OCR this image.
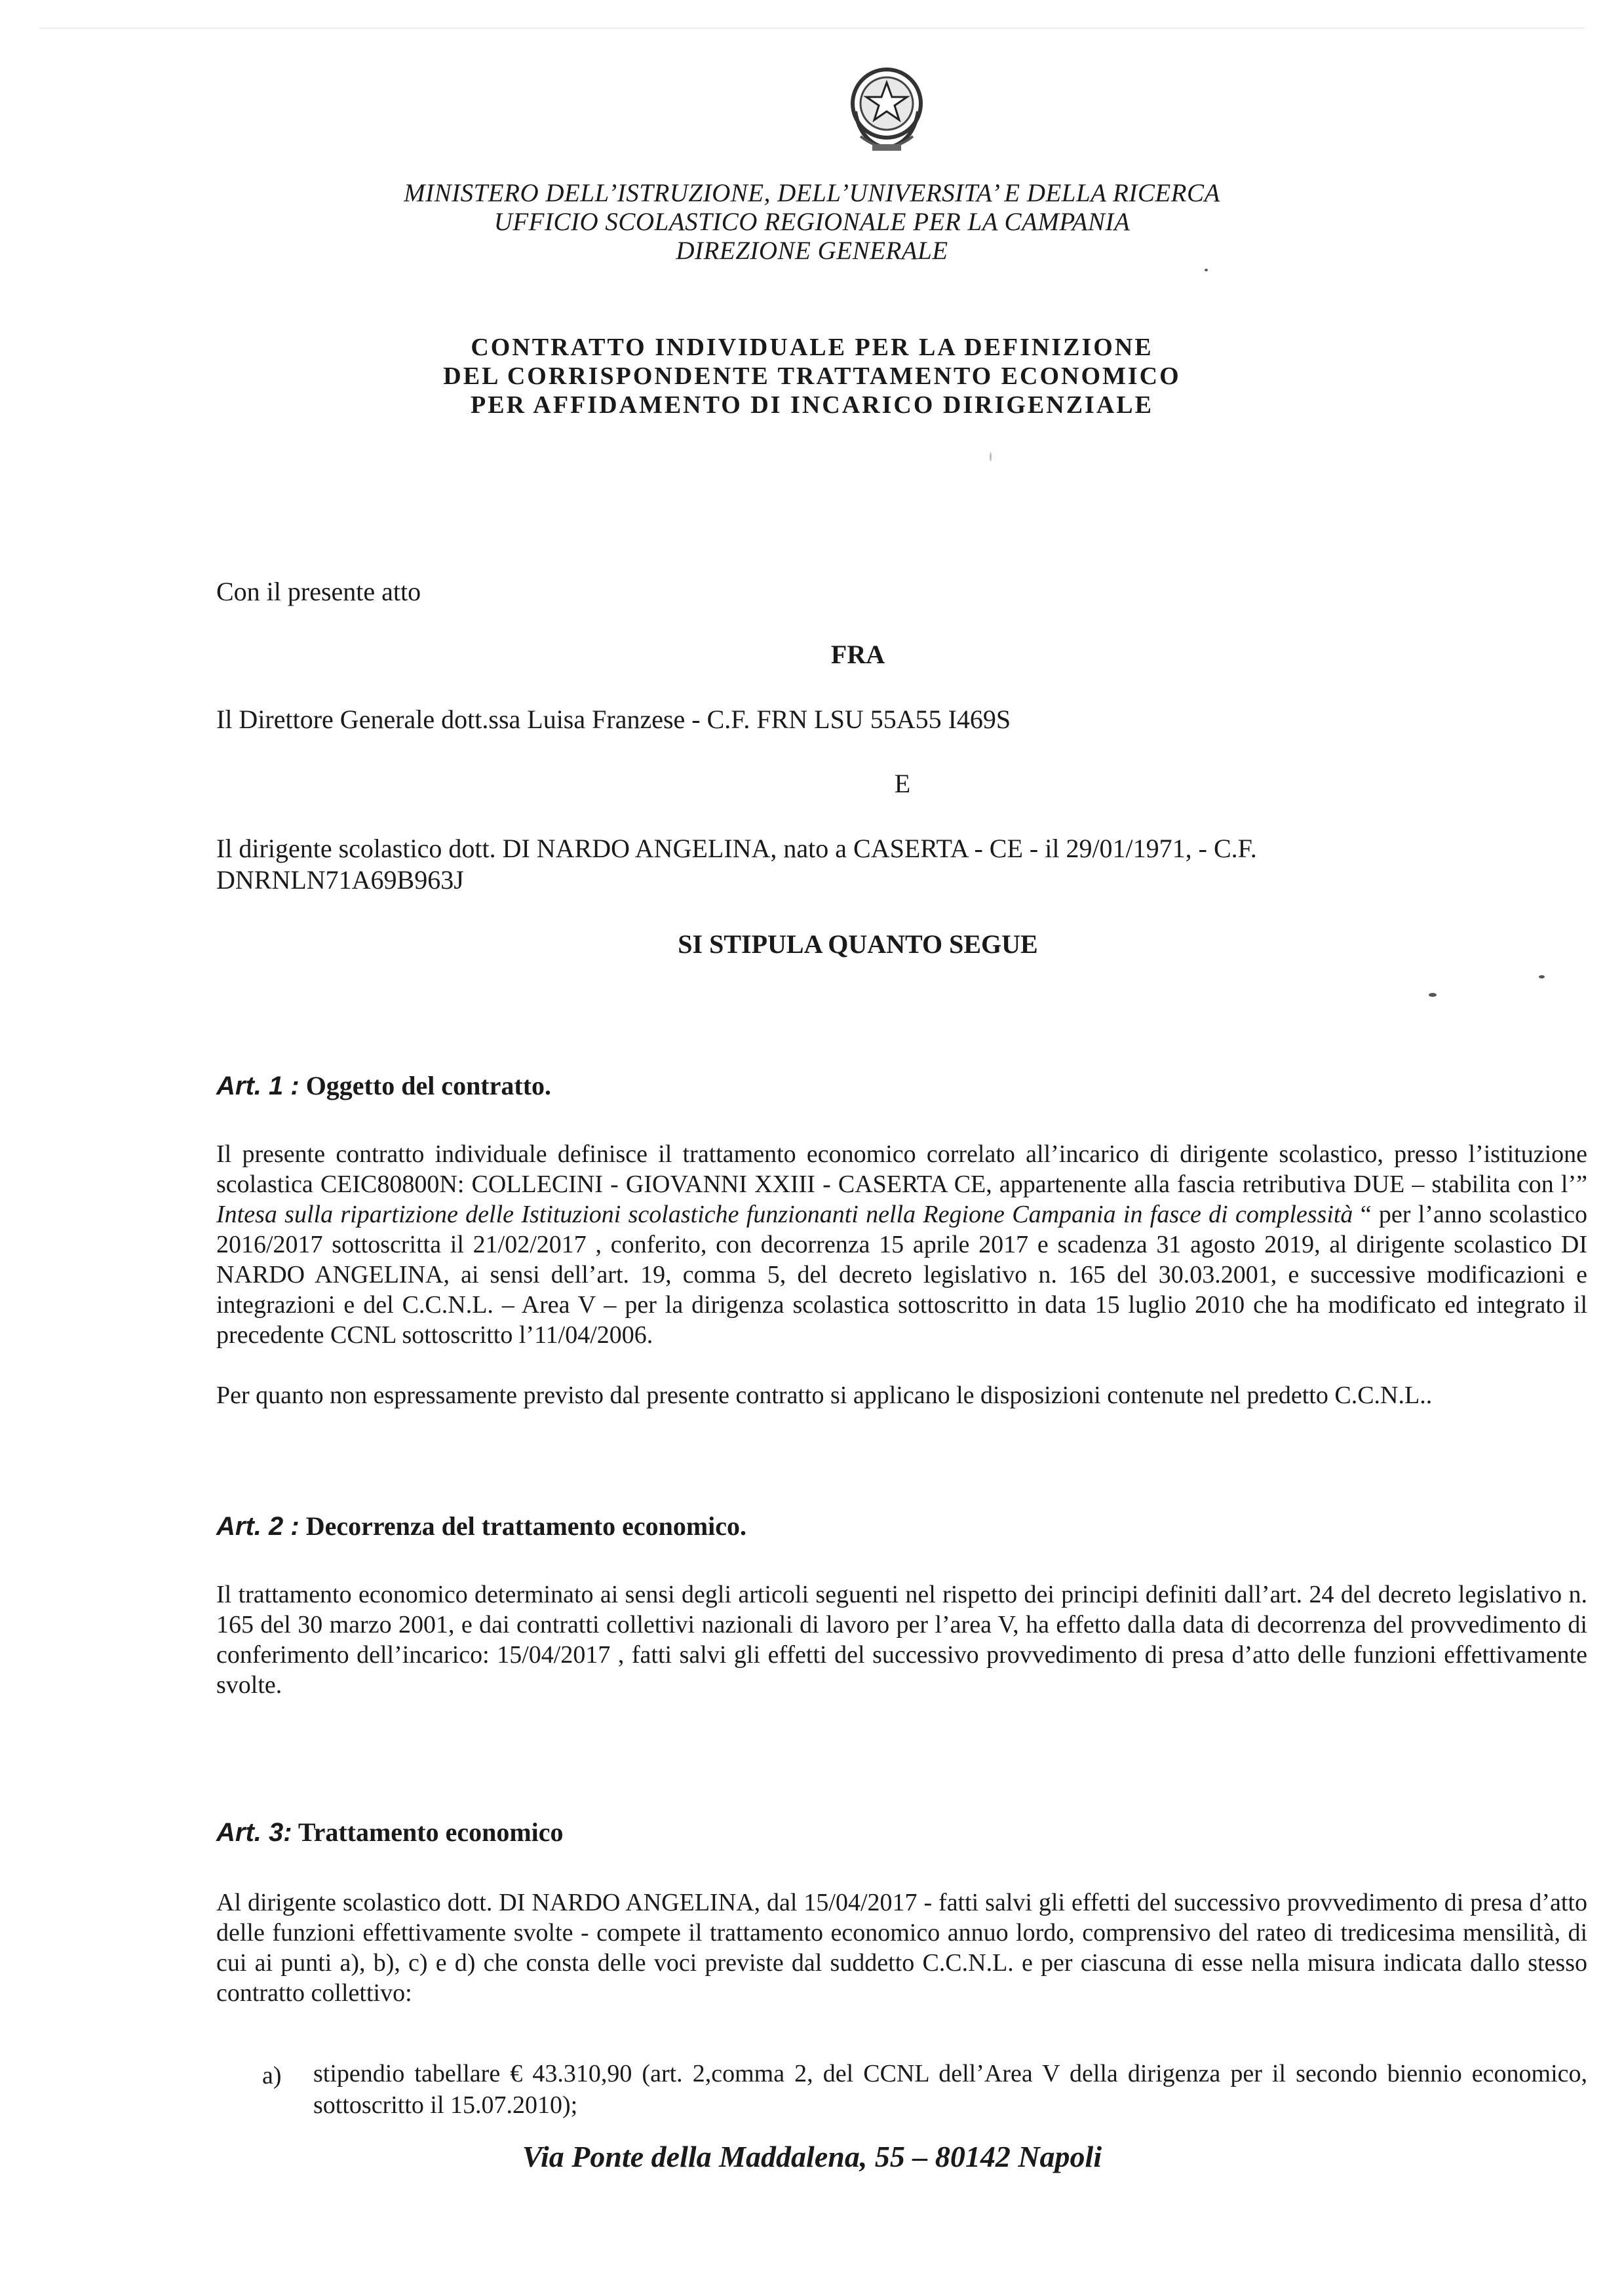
MINISTERO DELL’ISTRUZIONE, DELL’UNIVERSITA’ E DELLA RICERCA
UFFICIO SCOLASTICO REGIONALE PER LA CAMPANIA
DIREZIONE GENERALE
CONTRATTO INDIVIDUALE PER LA DEFINIZIONE
DEL CORRISPONDENTE TRATTAMENTO ECONOMICO
PER AFFIDAMENTO DI INCARICO DIRIGENZIALE
Con il presente atto
FRA
Il Direttore Generale dott.ssa Luisa Franzese - C.F. FRN LSU 55A55 I469S
E
Il dirigente scolastico dott. DI NARDO ANGELINA, nato a CASERTA - CE - il 29/01/1971, - C.F.
DNRNLN71A69B963J
SI STIPULA QUANTO SEGUE
Art. 1 : Oggetto del contratto.
Il presente contratto individuale definisce il trattamento economico correlato all’incarico di dirigente scolastico, presso l’istituzione scolastica CEIC80800N: COLLECINI - GIOVANNI XXIII - CASERTA CE, appartenente alla fascia retributiva DUE – stabilita con l’” Intesa sulla ripartizione delle Istituzioni scolastiche funzionanti nella Regione Campania in fasce di complessità “ per l’anno scolastico 2016/2017 sottoscritta il 21/02/2017 , conferito, con decorrenza 15 aprile 2017 e scadenza 31 agosto 2019, al dirigente scolastico DI NARDO ANGELINA, ai sensi dell’art. 19, comma 5, del decreto legislativo n. 165 del 30.03.2001, e successive modificazioni e integrazioni e del C.C.N.L. – Area V – per la dirigenza scolastica sottoscritto in data 15 luglio 2010 che ha modificato ed integrato il precedente CCNL sottoscritto l’11/04/2006.
Per quanto non espressamente previsto dal presente contratto si applicano le disposizioni contenute nel predetto C.C.N.L..
Art. 2 : Decorrenza del trattamento economico.
Il trattamento economico determinato ai sensi degli articoli seguenti nel rispetto dei principi definiti dall’art. 24 del decreto legislativo n. 165 del 30 marzo 2001, e dai contratti collettivi nazionali di lavoro per l’area V, ha effetto dalla data di decorrenza del provvedimento di conferimento dell’incarico: 15/04/2017 , fatti salvi gli effetti del successivo provvedimento di presa d’atto delle funzioni effettivamente svolte.
Art. 3: Trattamento economico
Al dirigente scolastico dott. DI NARDO ANGELINA, dal 15/04/2017 - fatti salvi gli effetti del successivo provvedimento di presa d’atto delle funzioni effettivamente svolte - compete il trattamento economico annuo lordo, comprensivo del rateo di tredicesima mensilità, di cui ai punti a), b), c) e d) che consta delle voci previste dal suddetto C.C.N.L. e per ciascuna di esse nella misura indicata dallo stesso contratto collettivo:
a) stipendio tabellare € 43.310,90 (art. 2,comma 2, del CCNL dell’Area V della dirigenza per il secondo biennio economico, sottoscritto il 15.07.2010);
Via Ponte della Maddalena, 55 – 80142 Napoli
